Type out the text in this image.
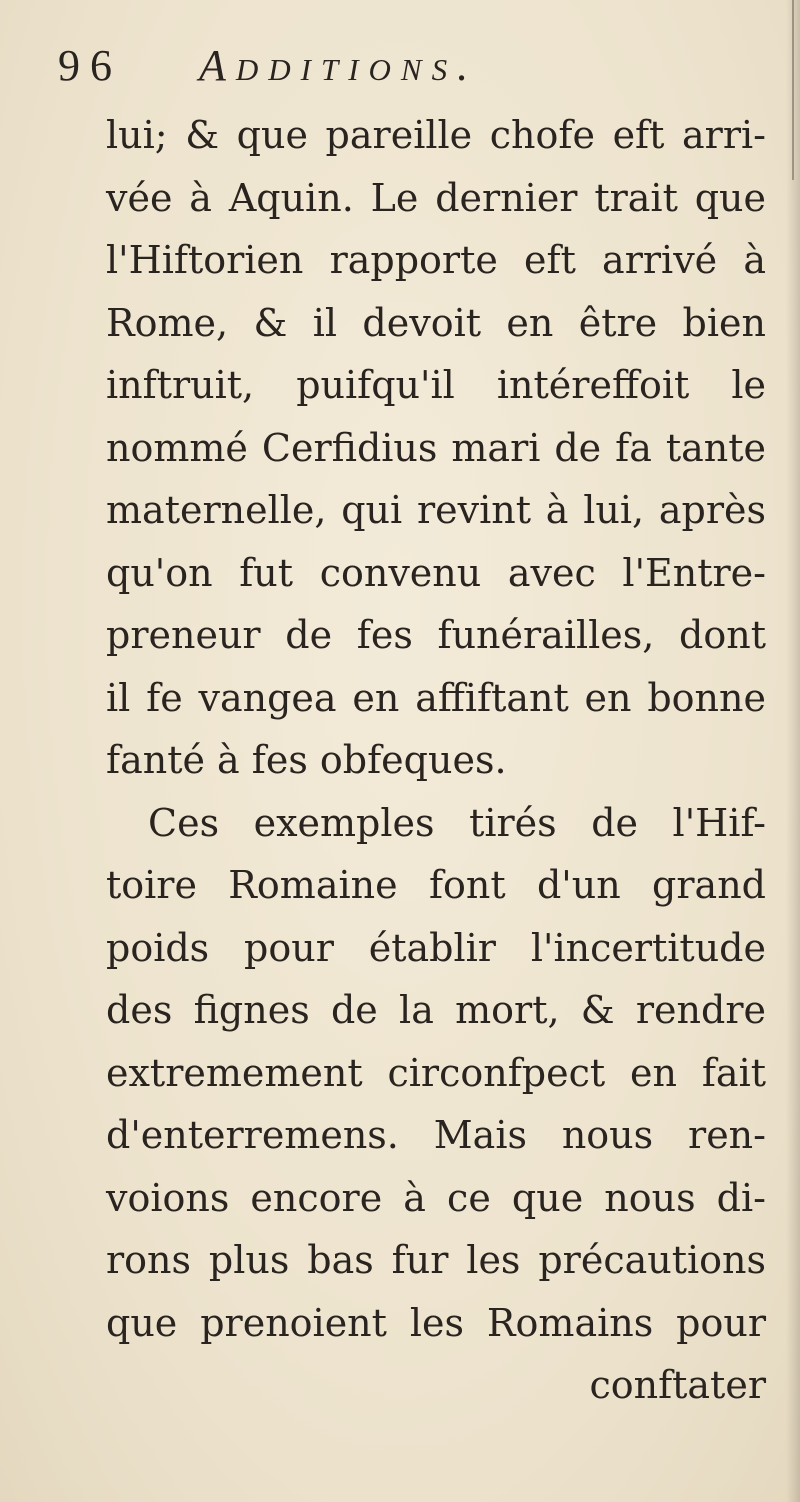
96 Additions.
lui; & que pareille chofe eft arri-
vée à Aquin. Le dernier trait que
l'Hiftorien rapporte eft arrivé à
Rome, & il devoit en être bien
inftruit, puifqu'il intéreffoit le
nommé Cerfidius mari de fa tante
maternelle, qui revint à lui, après
qu'on fut convenu avec l'Entre-
preneur de fes funérailles, dont
il fe vangea en affiftant en bonne
fanté à fes obfeques.
Ces exemples tirés de l'Hif-
toire Romaine font d'un grand
poids pour établir l'incertitude
des fignes de la mort, & rendre
extremement circonfpect en fait
d'enterremens. Mais nous ren-
voions encore à ce que nous di-
rons plus bas fur les précautions
que prenoient les Romains pour
conftater
